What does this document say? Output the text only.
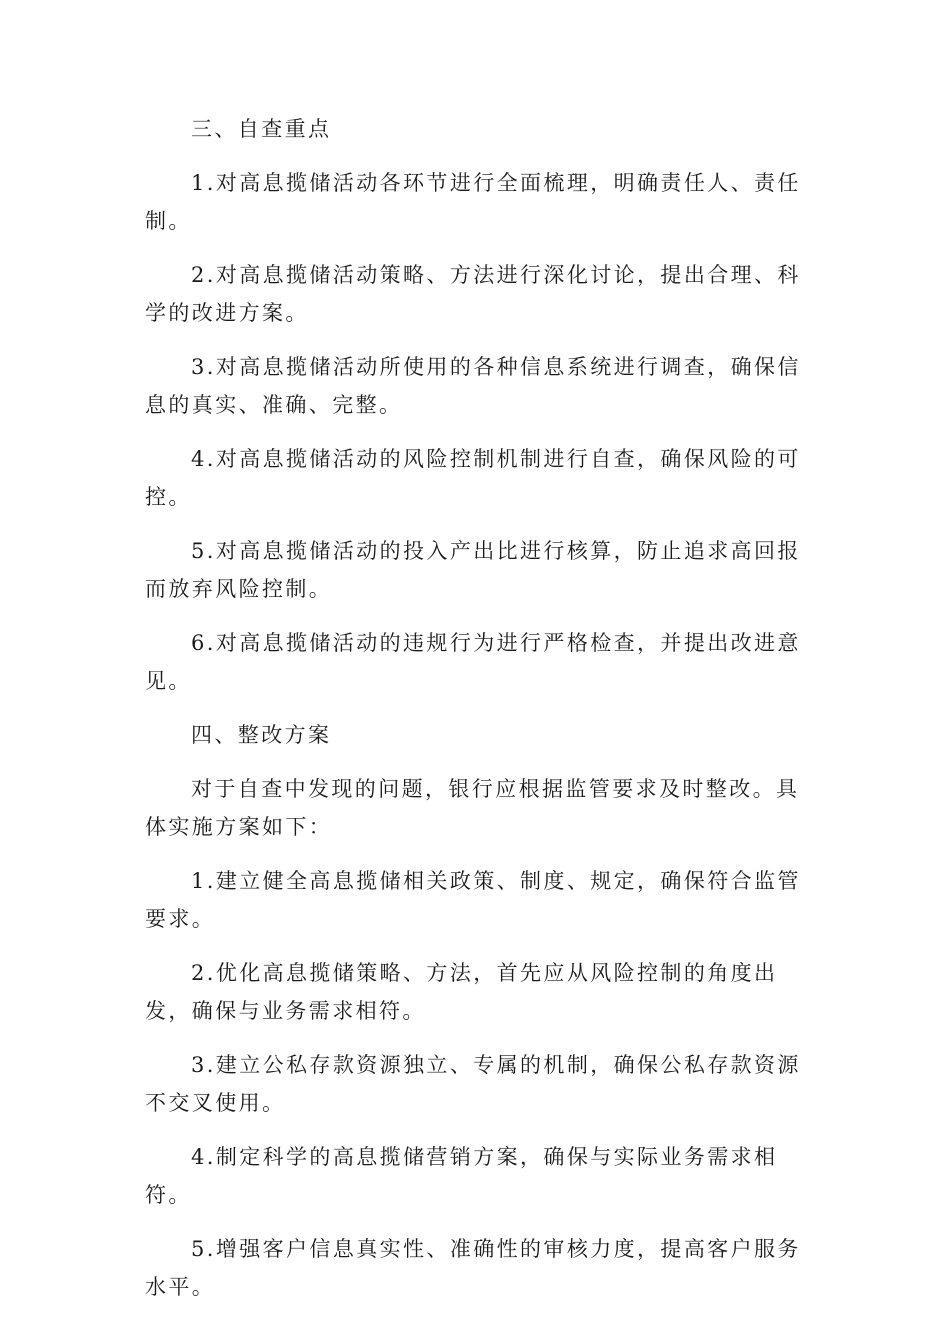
三、自查重点

1.对高息揽储活动各环节进行全面梳理，明确责任人、责任制。

2.对高息揽储活动策略、方法进行深化讨论，提出合理、科学的改进方案。

3.对高息揽储活动所使用的各种信息系统进行调查，确保信息的真实、准确、完整。

4.对高息揽储活动的风险控制机制进行自查，确保风险的可控。

5.对高息揽储活动的投入产出比进行核算，防止追求高回报而放弃风险控制。

6.对高息揽储活动的违规行为进行严格检查，并提出改进意见。

四、整改方案

对于自查中发现的问题，银行应根据监管要求及时整改。具体实施方案如下：

1.建立健全高息揽储相关政策、制度、规定，确保符合监管要求。

2.优化高息揽储策略、方法，首先应从风险控制的角度出发，确保与业务需求相符。

3.建立公私存款资源独立、专属的机制，确保公私存款资源不交叉使用。

4.制定科学的高息揽储营销方案，确保与实际业务需求相符。

5.增强客户信息真实性、准确性的审核力度，提高客户服务水平。
